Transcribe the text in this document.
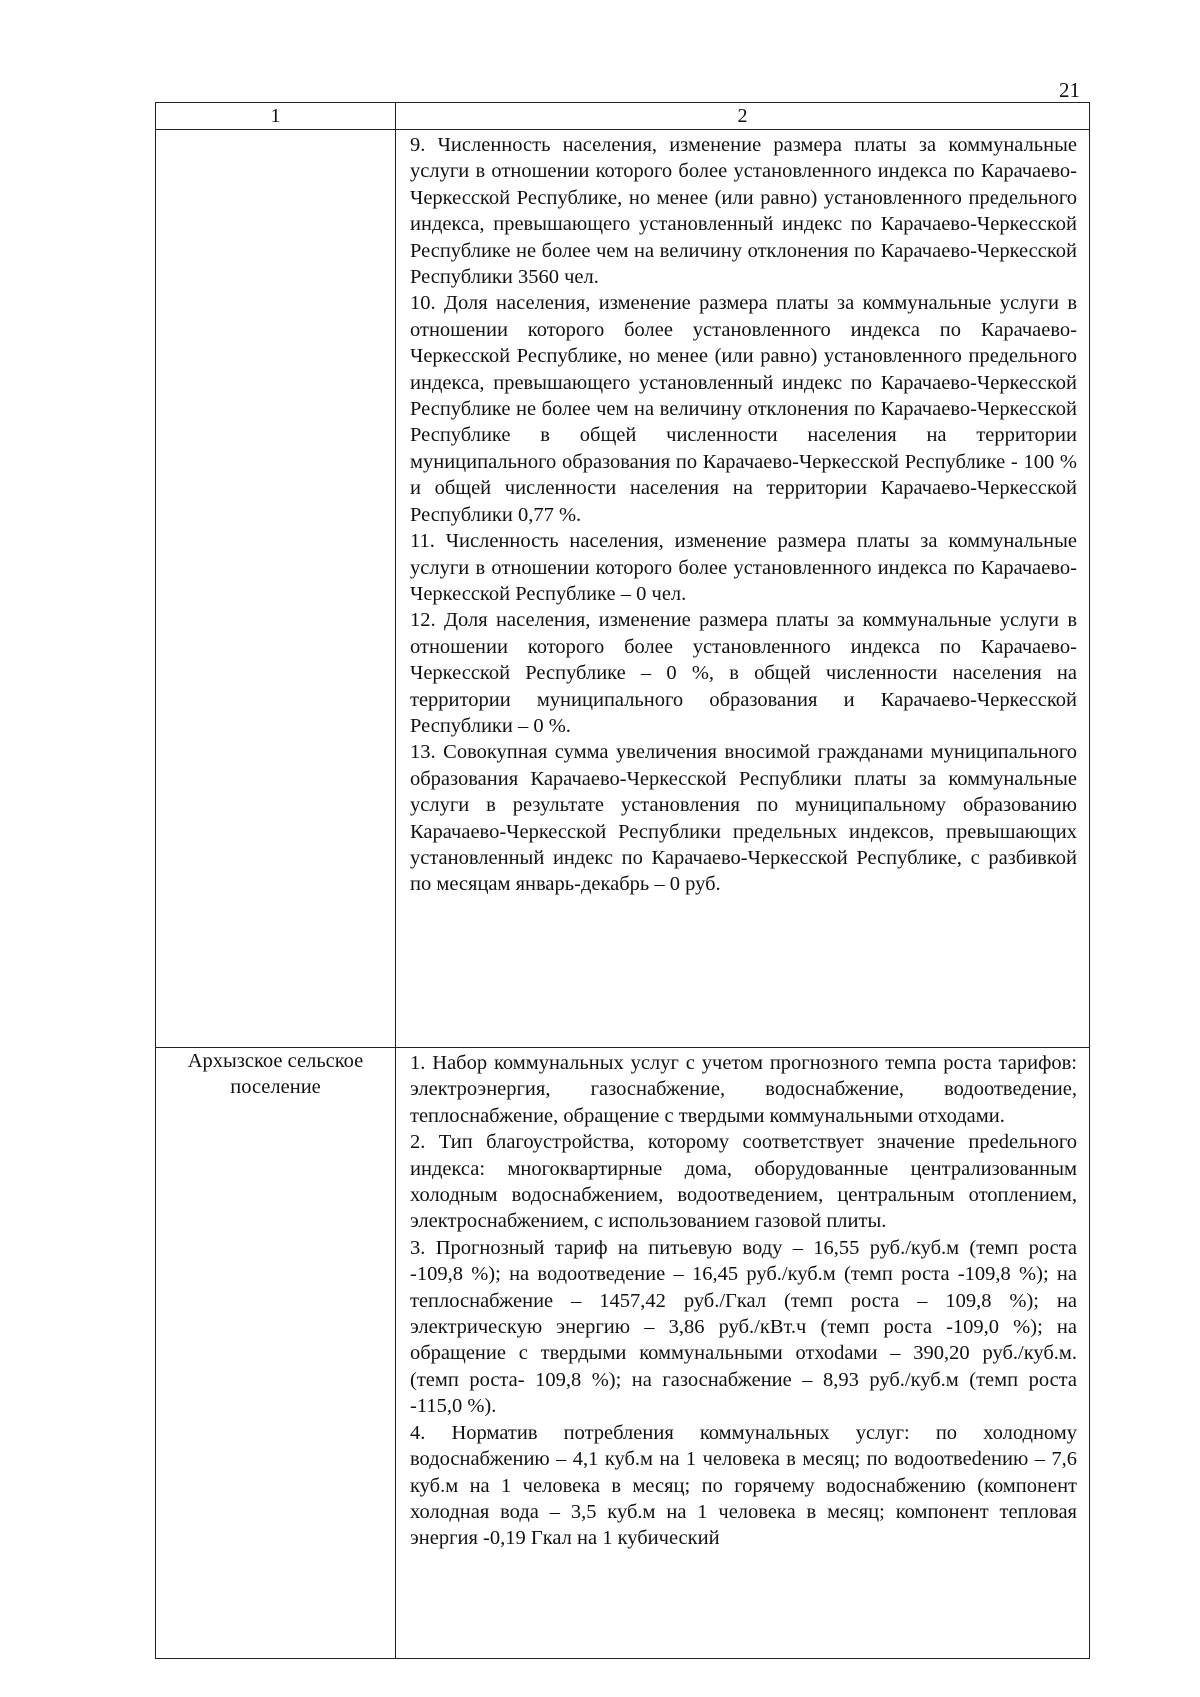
21
1	2

	9. Численность населения, изменение размера платы за коммунальные услуги в отношении которого более установленного индекса по Карачаево-Черкесской Республике, но менее (или равно) установленного предельного индекса, превышающего установленный индекс по Карачаево-Черкесской Республике не более чем на величину отклонения по Карачаево-Черкесской Республики 3560 чел.

10. Доля населения, изменение размера платы за коммунальные услуги в отношении которого более установленного индекса по Карачаево-Черкесской Республике, но менее (или равно) установленного предельного индекса, превышающего установленный индекс по Карачаево-Черкесской Республике не более чем на величину отклонения по Карачаево-Черкесской Республике в общей численности населения на территории муниципального образования по Карачаево-Черкесской Республике - 100 % и общей численности населения на территории Карачаево-Черкесской Республики 0,77 %.

11. Численность населения, изменение размера платы за коммунальные услуги в отношении которого более установленного индекса по Карачаево-Черкесской Республике – 0 чел.

12. Доля населения, изменение размера платы за коммунальные услуги в отношении которого более установленного индекса по Карачаево-Черкесской Республике – 0 %, в общей численности населения на территории муниципального образования и Карачаево-Черкесской Республики – 0 %.

13. Совокупная сумма увеличения вносимой гражданами муниципального образования Карачаево-Черкесской Республики платы за коммунальные услуги в результате установления по муниципальному образованию Карачаево-Черкесской Республики предельных индексов, превышающих установленный индекс по Карачаево-Черкесской Республике, с разбивкой по месяцам январь-декабрь – 0 руб.

Архызское сельское поселение	1. Набор коммунальных услуг с учетом прогнозного темпа роста тарифов: электроэнергия, газоснабжение, водоснабжение, водоотведение, теплоснабжение, обращение с твердыми коммунальными отходами.

2. Тип благоустройства, которому соответствует значение преdельного индекса: многоквартирные дома, оборудованные централизованным холодным водоснабжением, водоотведением, центральным отоплением, электроснабжением, с использованием газовой плиты.

3. Прогнозный тариф на питьевую воду – 16,55 руб./куб.м (темп роста -109,8 %); на водоотведение – 16,45 руб./куб.м (темп роста -109,8 %); на теплоснабжение – 1457,42 руб./Гкал (темп роста – 109,8 %); на электрическую энергию – 3,86 руб./кВт.ч (темп роста -109,0 %); на обращение с твердыми коммунальными отхоdами – 390,20 руб./куб.м. (темп роста- 109,8 %); на газоснабжение – 8,93 руб./куб.м (темп роста -115,0 %).

4. Норматив потребления коммунальных услуг: по холодному водоснабжению – 4,1 куб.м на 1 человека в месяц; по водоотвеdению – 7,6 куб.м на 1 человека в месяц; по горячему водоснабжению (компонент холодная вода – 3,5 куб.м на 1 человека в месяц; компонент тепловая энергия -0,19 Гкал на 1 кубический
